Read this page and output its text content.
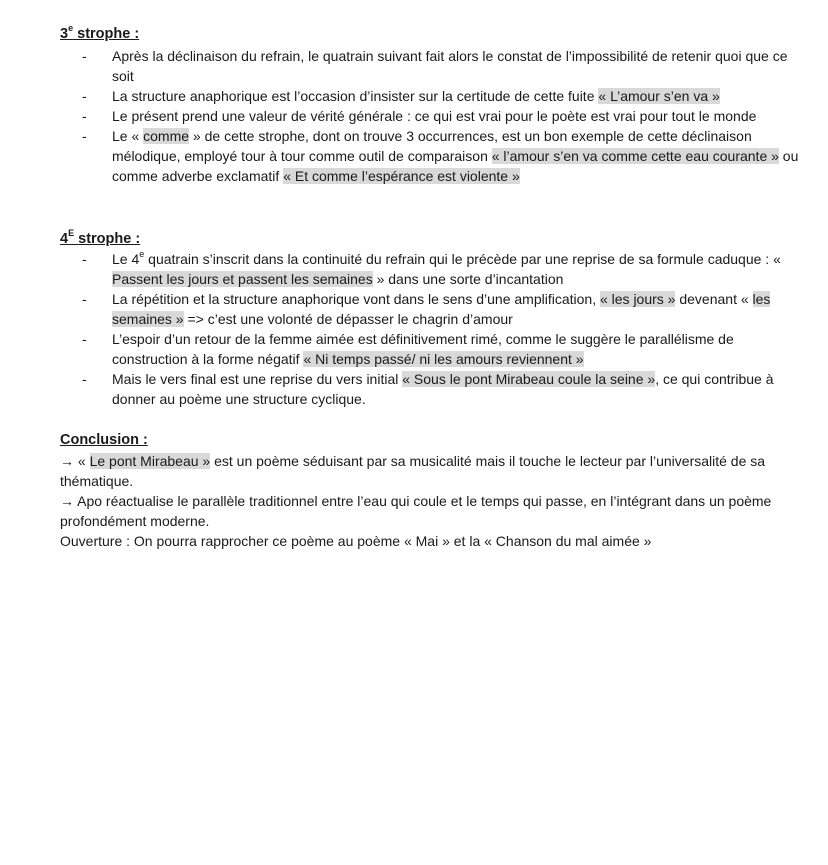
3e strophe :
-	Après la déclinaison du refrain, le quatrain suivant fait alors le constat de l’impossibilité de retenir quoi que ce soit
-	La structure anaphorique est l’occasion d’insister sur la certitude de cette fuite « L’amour s’en va »
-	Le présent prend une valeur de vérité générale : ce qui est vrai pour le poète est vrai pour tout le monde
-	Le « comme » de cette strophe, dont on trouve 3 occurrences, est un bon exemple de cette déclinaison mélodique, employé tour à tour comme outil de comparaison « l’amour s’en va comme cette eau courante » ou comme adverbe exclamatif « Et comme l’espérance est violente »
$4^E$ strophe :
-	Le 4e quatrain s’inscrit dans la continuité du refrain qui le précède par une reprise de sa formule caduque : « Passent les jours et passent les semaines » dans une sorte d’incantation
-	La répétition et la structure anaphorique vont dans le sens d’une amplification, « les jours » devenant « les semaines » => c’est une volonté de dépasser le chagrin d’amour
-	L’espoir d’un retour de la femme aimée est définitivement rimé, comme le suggère le parallélisme de construction à la forme négatif « Ni temps passé/ ni les amours reviennent »
-	Mais le vers final est une reprise du vers initial « Sous le pont Mirabeau coule la seine », ce qui contribue à donner au poème une structure cyclique.
Conclusion :
→ « Le pont Mirabeau » est un poème séduisant par sa musicalité mais il touche le lecteur par l’universalité de sa thématique.
→ Apo réactualise le parallèle traditionnel entre l’eau qui coule et le temps qui passe, en l’intégrant dans un poème profondément moderne.
Ouverture : On pourra rapprocher ce poème au poème « Mai » et la « Chanson du mal aimée »
